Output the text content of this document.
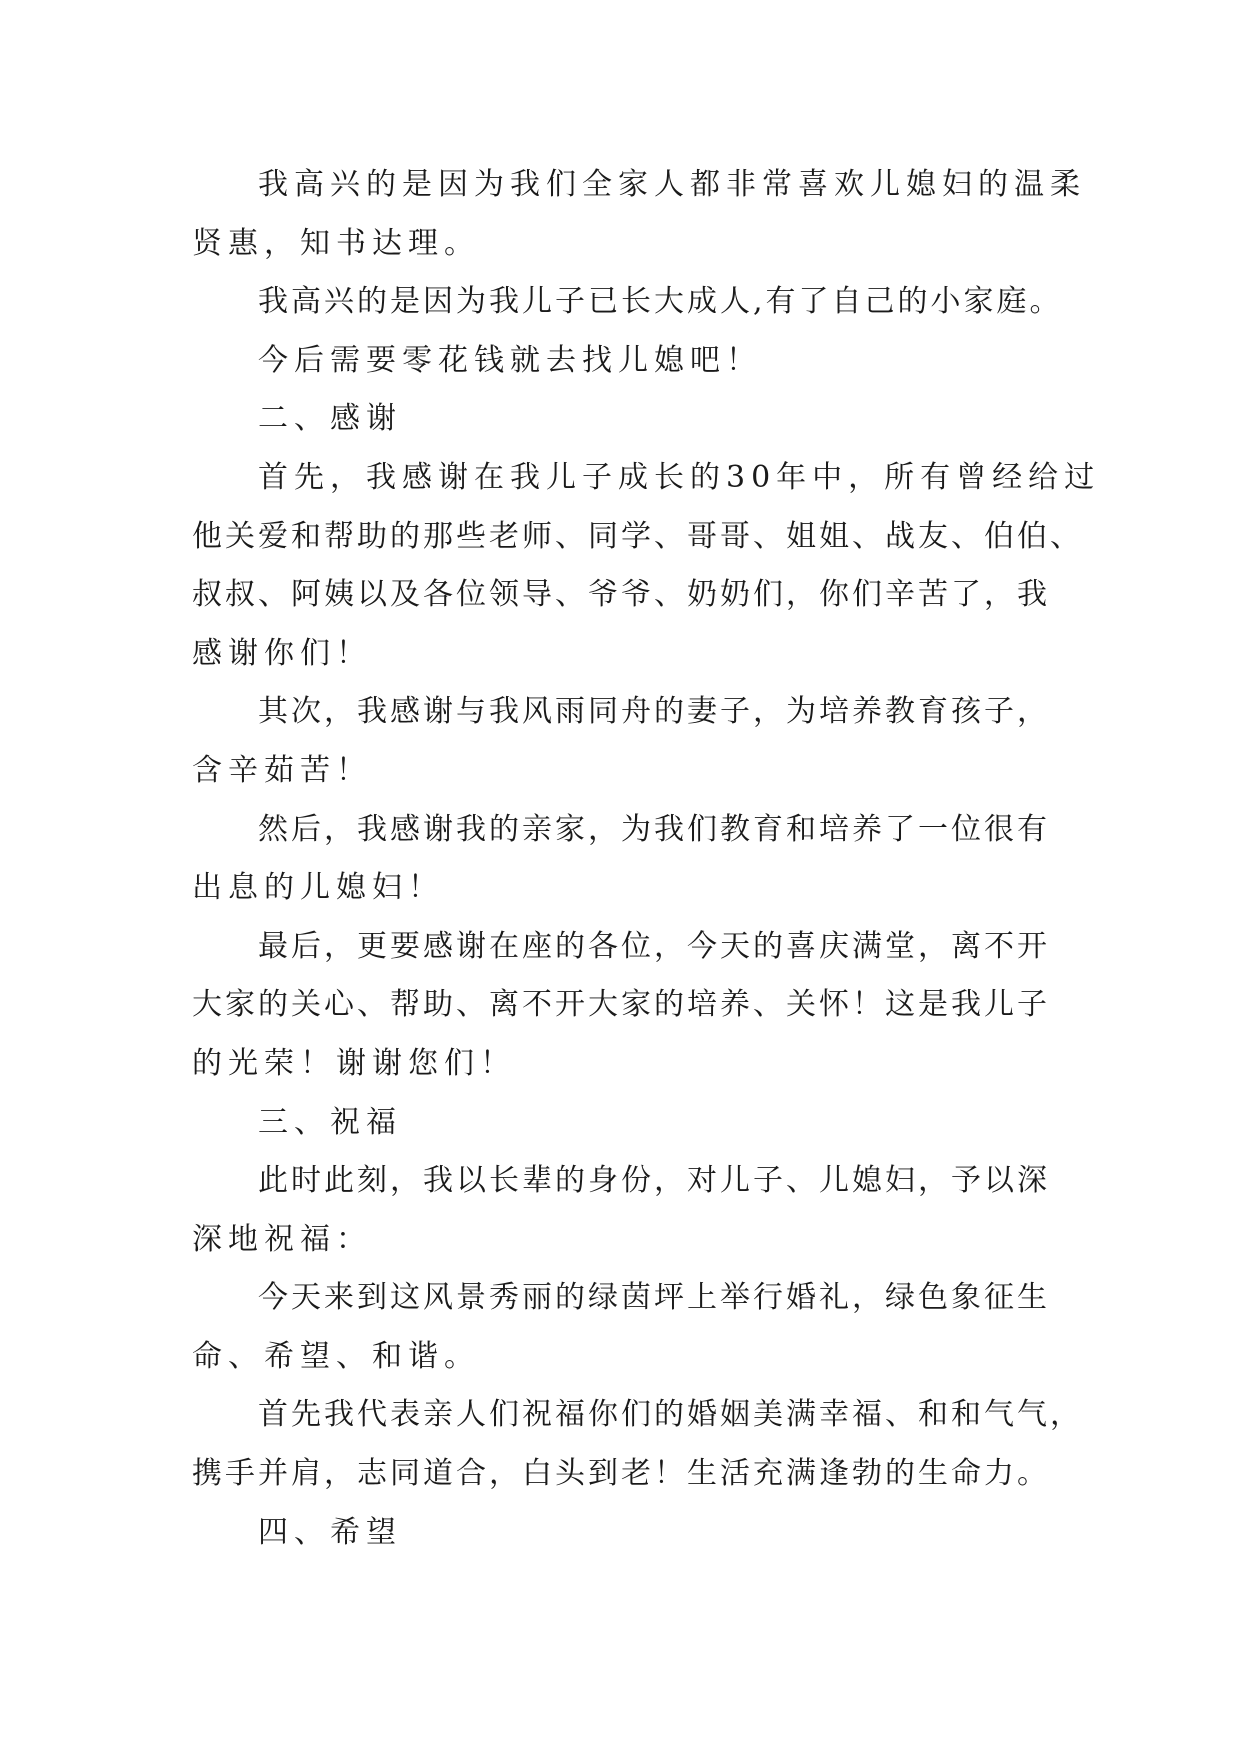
我高兴的是因为我们全家人都非常喜欢儿媳妇的温柔
贤惠，知书达理。
我高兴的是因为我儿子已长大成人,有了自己的小家庭。
今后需要零花钱就去找儿媳吧！
二、感谢
首先，我感谢在我儿子成长的30年中，所有曾经给过
他关爱和帮助的那些老师、同学、哥哥、姐姐、战友、伯伯、
叔叔、阿姨以及各位领导、爷爷、奶奶们，你们辛苦了，我
感谢你们！
其次，我感谢与我风雨同舟的妻子，为培养教育孩子，
含辛茹苦！
然后，我感谢我的亲家，为我们教育和培养了一位很有
出息的儿媳妇！
最后，更要感谢在座的各位，今天的喜庆满堂，离不开
大家的关心、帮助、离不开大家的培养、关怀！这是我儿子
的光荣！谢谢您们！
三、祝福
此时此刻，我以长辈的身份，对儿子、儿媳妇，予以深
深地祝福：
今天来到这风景秀丽的绿茵坪上举行婚礼，绿色象征生
命、希望、和谐。
首先我代表亲人们祝福你们的婚姻美满幸福、和和气气，
携手并肩，志同道合，白头到老！生活充满逢勃的生命力。
四、希望
